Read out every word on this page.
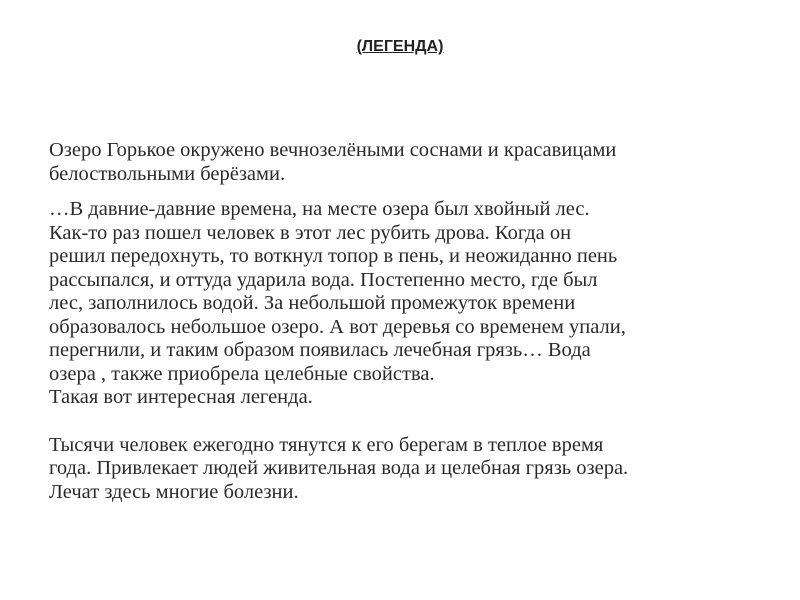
(ЛЕГЕНДА)

Озеро Горькое окружено вечнозелёными соснами и красавицами
белоствольными берёзами.

…В давние-давние времена, на месте озера был хвойный лес.
Как-то раз пошел человек в этот лес рубить дрова. Когда он
решил передохнуть, то воткнул топор в пень, и неожиданно пень
рассыпался, и оттуда ударила вода. Постепенно место, где был
лес, заполнилось водой. За небольшой промежуток времени
образовалось небольшое озеро. А вот деревья со временем упали,
перегнили, и таким образом появилась лечебная грязь… Вода
озера , также приобрела целебные свойства.
Такая вот интересная легенда.

Тысячи человек ежегодно тянутся к его берегам в теплое время
года. Привлекает людей живительная вода и целебная грязь озера.
Лечат здесь многие болезни.
